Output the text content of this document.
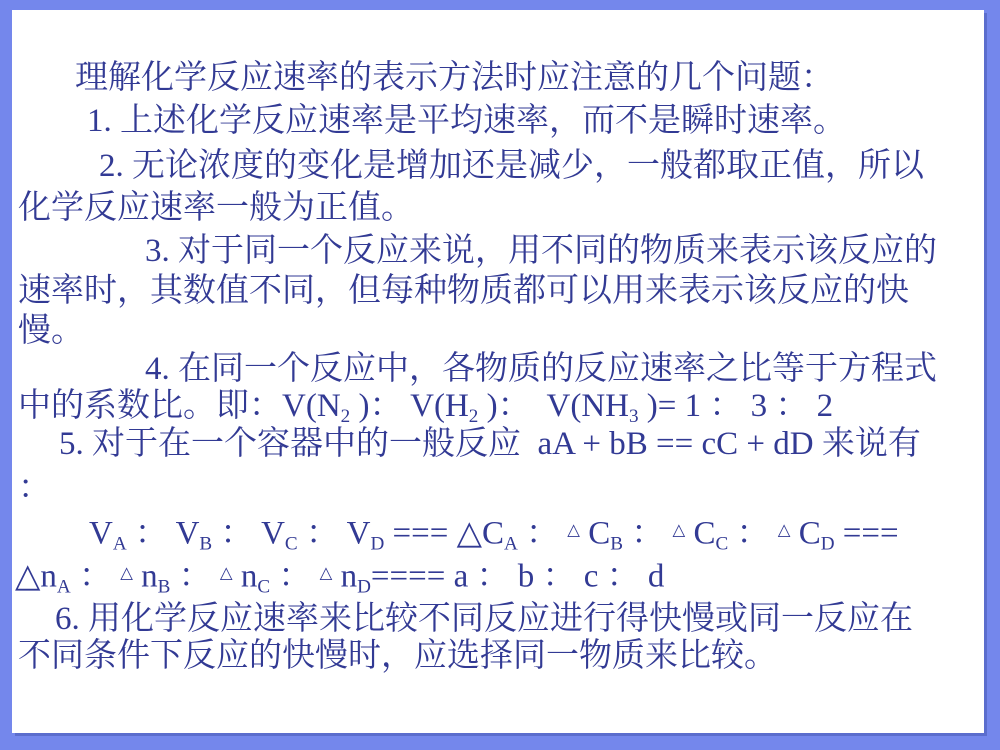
理解化学反应速率的表示方法时应注意的几个问题：
1. 上述化学反应速率是平均速率，而不是瞬时速率。
2. 无论浓度的变化是增加还是减少，一般都取正值，所以
化学反应速率一般为正值。
3. 对于同一个反应来说，用不同的物质来表示该反应的
速率时，其数值不同，但每种物质都可以用来表示该反应的快
慢。
4. 在同一个反应中，各物质的反应速率之比等于方程式
中的系数比。即：$V(N_2$ )： $V(H_2$ )：  $V(NH_3$ )= 1 ： 3 ： 2
5. 对于在一个容器中的一般反应  aA + bB == cC + dD 来说有
：
$V_A$ ： $V_B$ ： $V_C$ ： $V_D$ === $\triangle C_A$ ： △ $C_B$ ： △ $C_C$ ： △ $C_D$ ===
$\triangle n_A$ ： △ $n_B$ ： △ $n_C$ ： △ $n_D==== a$ ： b ： c ： d
6. 用化学反应速率来比较不同反应进行得快慢或同一反应在
不同条件下反应的快慢时，应选择同一物质来比较。
